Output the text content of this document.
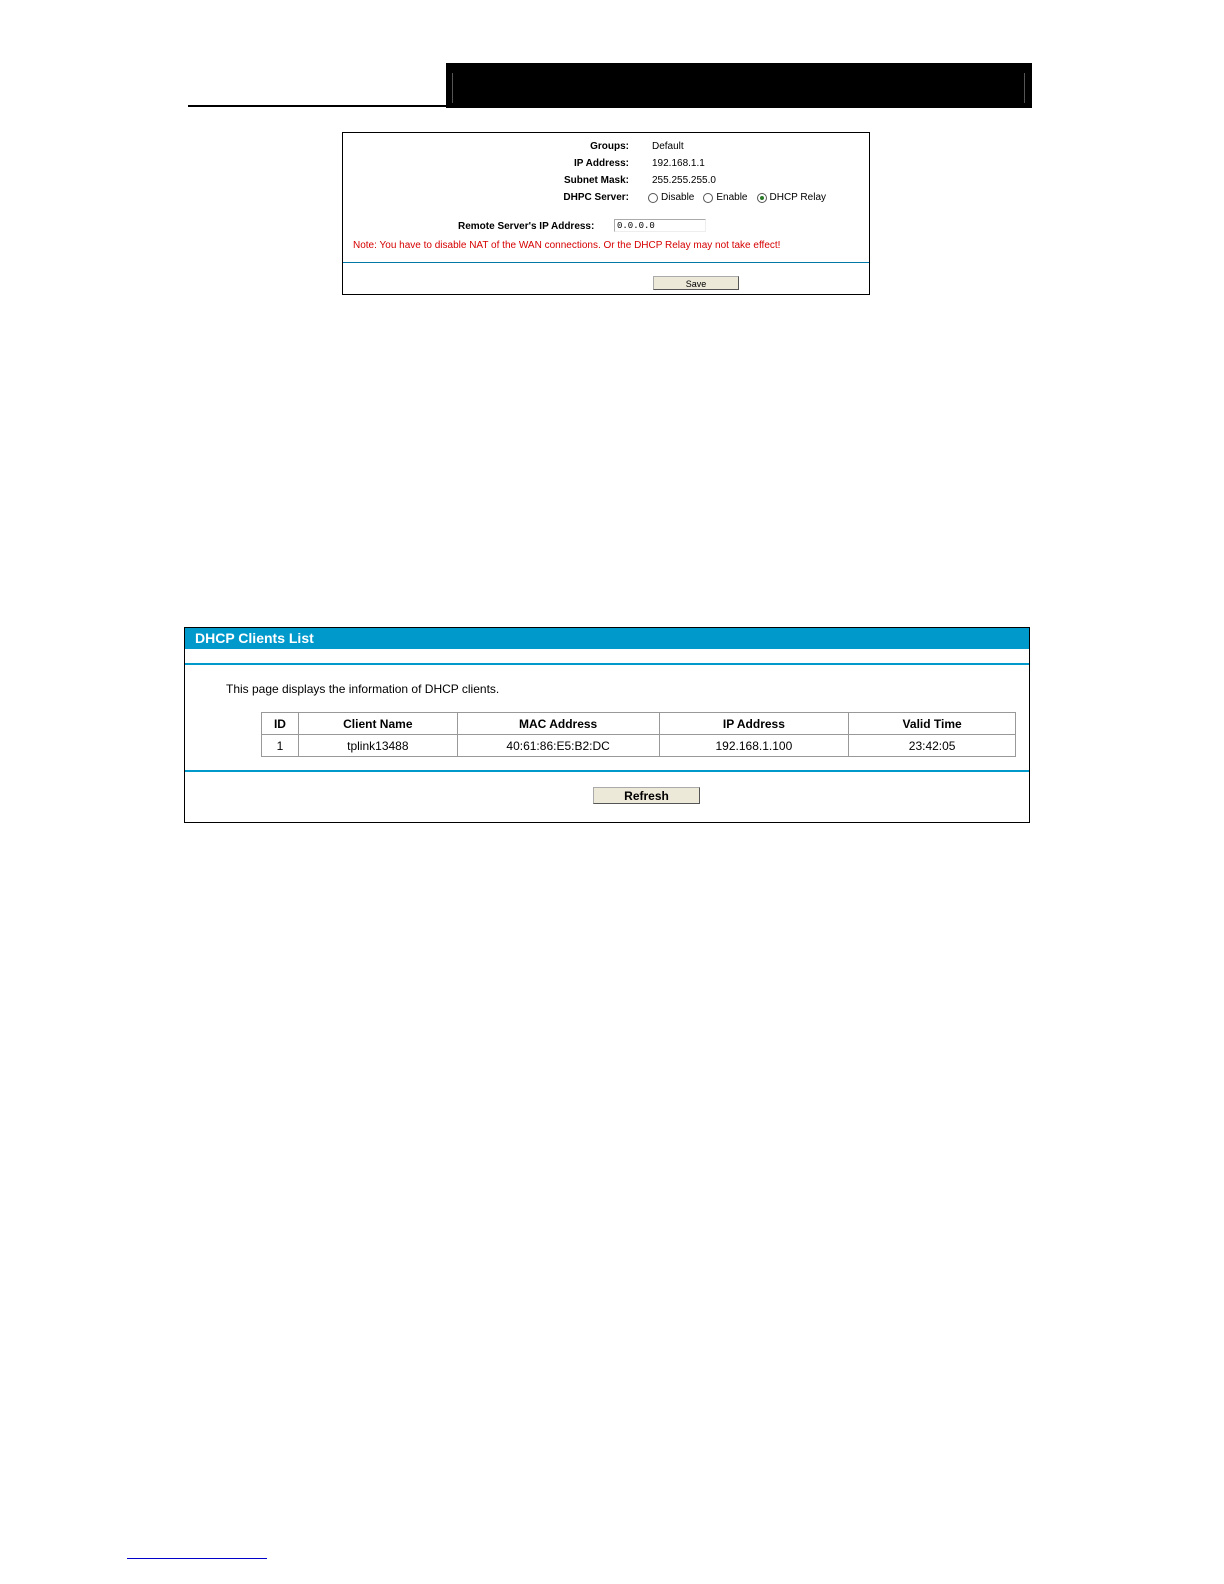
Groups: Default
IP Address: 192.168.1.1
Subnet Mask: 255.255.255.0
DHPC Server:	Disable Enable DHCP Relay
Remote Server's IP Address:
0.0.0.0
Note: You have to disable NAT of the WAN connections. Or the DHCP Relay may not take effect!
Save
DHCP Clients List
This page displays the information of DHCP clients.
ID	Client Name	MAC Address	IP Address	Valid Time
1	tplink13488	40:61:86:E5:B2:DC	192.168.1.100	23:42:05
Refresh
